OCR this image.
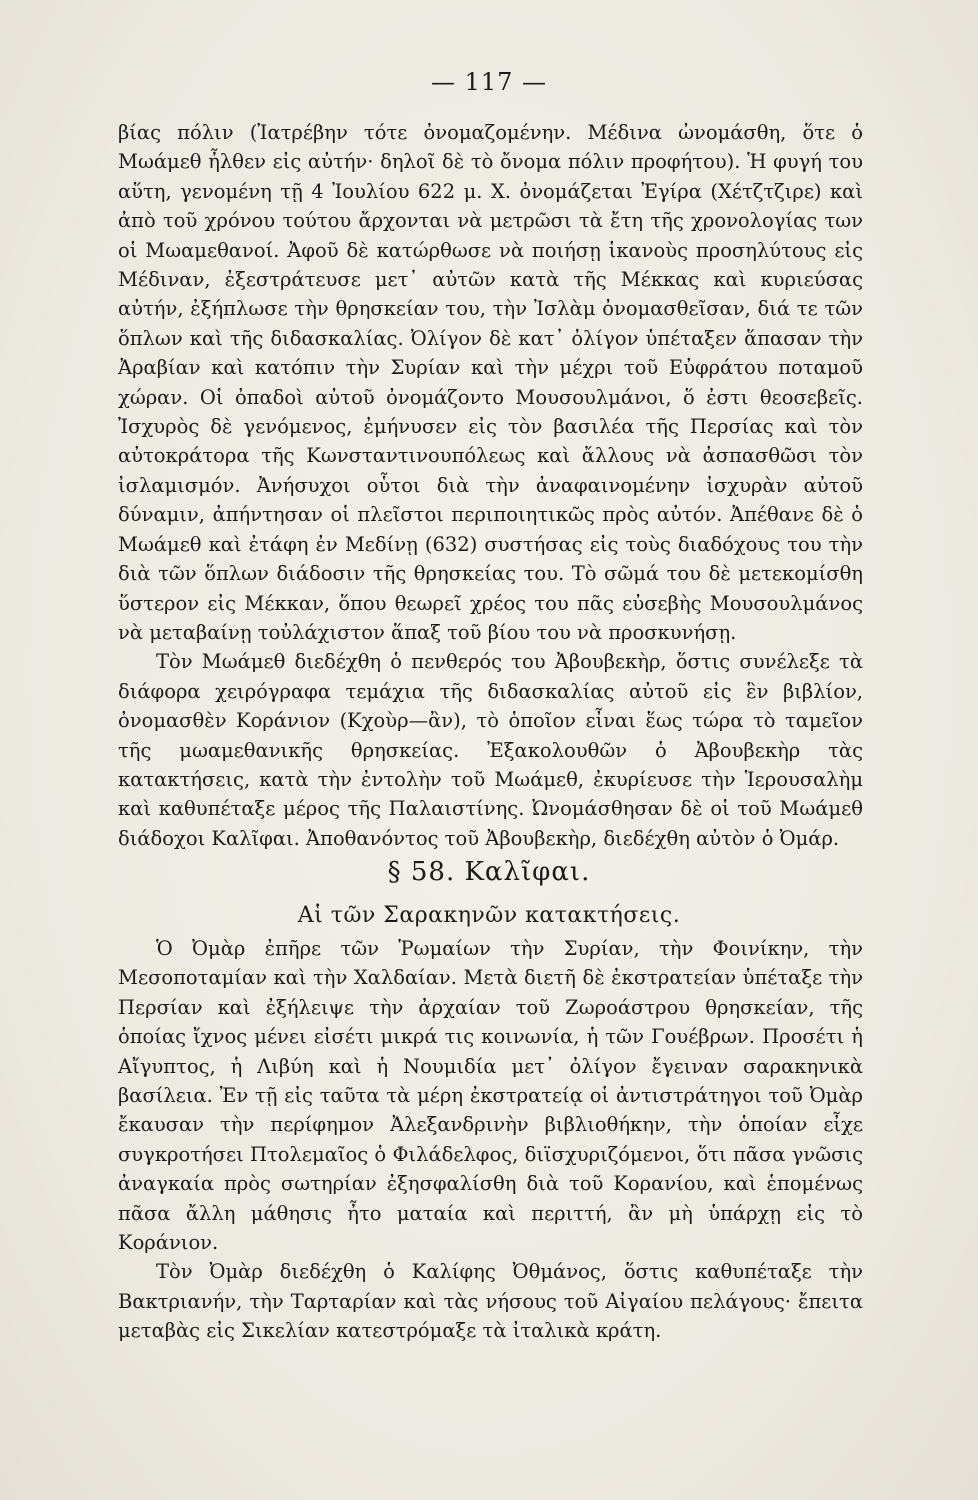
— 117 —

βίας πόλιν (Ἰατρέβην τότε ὀνομαζομένην. Μέδινα ὠνομάσθη, ὅτε ὁ Μωάμεθ ἦλθεν εἰς αὐτήν· δηλοῖ δὲ τὸ ὄνομα πόλιν προφήτου). Ἡ φυγή του αὕτη, γενομένη τῇ 4 Ἰουλίου 622 μ. Χ. ὀνομάζεται Ἐγίρα (Χέτζτζιρε) καὶ ἀπὸ τοῦ χρόνου τούτου ἄρχονται νὰ μετρῶσι τὰ ἔτη τῆς χρονολογίας των οἱ Μωαμεθανοί. Ἀφοῦ δὲ κατώρθωσε νὰ ποιήσῃ ἱκανοὺς προσηλύτους εἰς Μέδιναν, ἐξεστράτευσε μετ᾽ αὐτῶν κατὰ τῆς Μέκκας καὶ κυριεύσας αὐτήν, ἐξήπλωσε τὴν θρησκείαν του, τὴν Ἰσλὰμ ὀνομασθεῖσαν, διά τε τῶν ὅπλων καὶ τῆς διδασκαλίας. Ὀλίγον δὲ κατ᾽ ὀλίγον ὑπέταξεν ἅπασαν τὴν Ἀραβίαν καὶ κατόπιν τὴν Συρίαν καὶ τὴν μέχρι τοῦ Εὐφράτου ποταμοῦ χώραν. Οἱ ὀπαδοὶ αὐτοῦ ὀνομάζοντο Μουσουλμάνοι, ὅ ἐστι θεοσεβεῖς. Ἰσχυρὸς δὲ γενόμενος, ἐμήνυσεν εἰς τὸν βασιλέα τῆς Περσίας καὶ τὸν αὐτοκράτορα τῆς Κωνσταντινουπόλεως καὶ ἄλλους νὰ ἀσπασθῶσι τὸν ἰσλαμισμόν. Ἀνήσυχοι οὗτοι διὰ τὴν ἀναφαινομένην ἰσχυρὰν αὐτοῦ δύναμιν, ἀπήντησαν οἱ πλεῖστοι περιποιητικῶς πρὸς αὐτόν. Ἀπέθανε δὲ ὁ Μωάμεθ καὶ ἐτάφη ἐν Μεδίνῃ (632) συστήσας εἰς τοὺς διαδόχους του τὴν διὰ τῶν ὅπλων διάδοσιν τῆς θρησκείας του. Τὸ σῶμά του δὲ μετεκομίσθη ὕστερον εἰς Μέκκαν, ὅπου θεωρεῖ χρέος του πᾶς εὐσεβὴς Μουσουλμάνος νὰ μεταβαίνῃ τοὐλάχιστον ἅπαξ τοῦ βίου του νὰ προσκυνήσῃ.

Τὸν Μωάμεθ διεδέχθη ὁ πενθερός του Ἀβουβεκὴρ, ὅστις συνέλεξε τὰ διάφορα χειρόγραφα τεμάχια τῆς διδασκαλίας αὐτοῦ εἰς ἓν βιβλίον, ὀνομασθὲν Κοράνιον (Κχοὺρ—ἂν), τὸ ὁποῖον εἶναι ἕως τώρα τὸ ταμεῖον τῆς μωαμεθανικῆς θρησκείας. Ἐξακολουθῶν ὁ Ἀβουβεκὴρ τὰς κατακτήσεις, κατὰ τὴν ἐντολὴν τοῦ Μωάμεθ, ἐκυρίευσε τὴν Ἱερουσαλὴμ καὶ καθυπέταξε μέρος τῆς Παλαιστίνης. Ὠνομάσθησαν δὲ οἱ τοῦ Μωάμεθ διάδοχοι Καλῖφαι. Ἀποθανόντος τοῦ Ἀβουβεκὴρ, διεδέχθη αὐτὸν ὁ Ὀμάρ.

§ 58. Καλῖφαι.
Αἱ τῶν Σαρακηνῶν κατακτήσεις.

Ὁ Ὀμὰρ ἐπῆρε τῶν Ῥωμαίων τὴν Συρίαν, τὴν Φοινίκην, τὴν Μεσοποταμίαν καὶ τὴν Χαλδαίαν. Μετὰ διετῆ δὲ ἐκστρατείαν ὑπέταξε τὴν Περσίαν καὶ ἐξήλειψε τὴν ἀρχαίαν τοῦ Ζωροάστρου θρησκείαν, τῆς ὁποίας ἴχνος μένει εἰσέτι μικρά τις κοινωνία, ἡ τῶν Γουέβρων. Προσέτι ἡ Αἴγυπτος, ἡ Λιβύη καὶ ἡ Νουμιδία μετ᾽ ὀλίγον ἔγειναν σαρακηνικὰ βασίλεια. Ἐν τῇ εἰς ταῦτα τὰ μέρη ἐκστρατείᾳ οἱ ἀντιστράτηγοι τοῦ Ὀμὰρ ἔκαυσαν τὴν περίφημον Ἀλεξανδρινὴν βιβλιοθήκην, τὴν ὁποίαν εἶχε συγκροτήσει Πτολεμαῖος ὁ Φιλάδελφος, διϊσχυριζόμενοι, ὅτι πᾶσα γνῶσις ἀναγκαία πρὸς σωτηρίαν ἐξησφαλίσθη διὰ τοῦ Κορανίου, καὶ ἑπομένως πᾶσα ἄλλη μάθησις ἦτο ματαία καὶ περιττή, ἂν μὴ ὑπάρχῃ εἰς τὸ Κοράνιον.

Τὸν Ὀμὰρ διεδέχθη ὁ Καλίφης Ὀθμάνος, ὅστις καθυπέταξε τὴν Βακτριανήν, τὴν Ταρταρίαν καὶ τὰς νήσους τοῦ Αἰγαίου πελάγους· ἔπειτα μεταβὰς εἰς Σικελίαν κατεστρόμαξε τὰ ἰταλικὰ κράτη.
